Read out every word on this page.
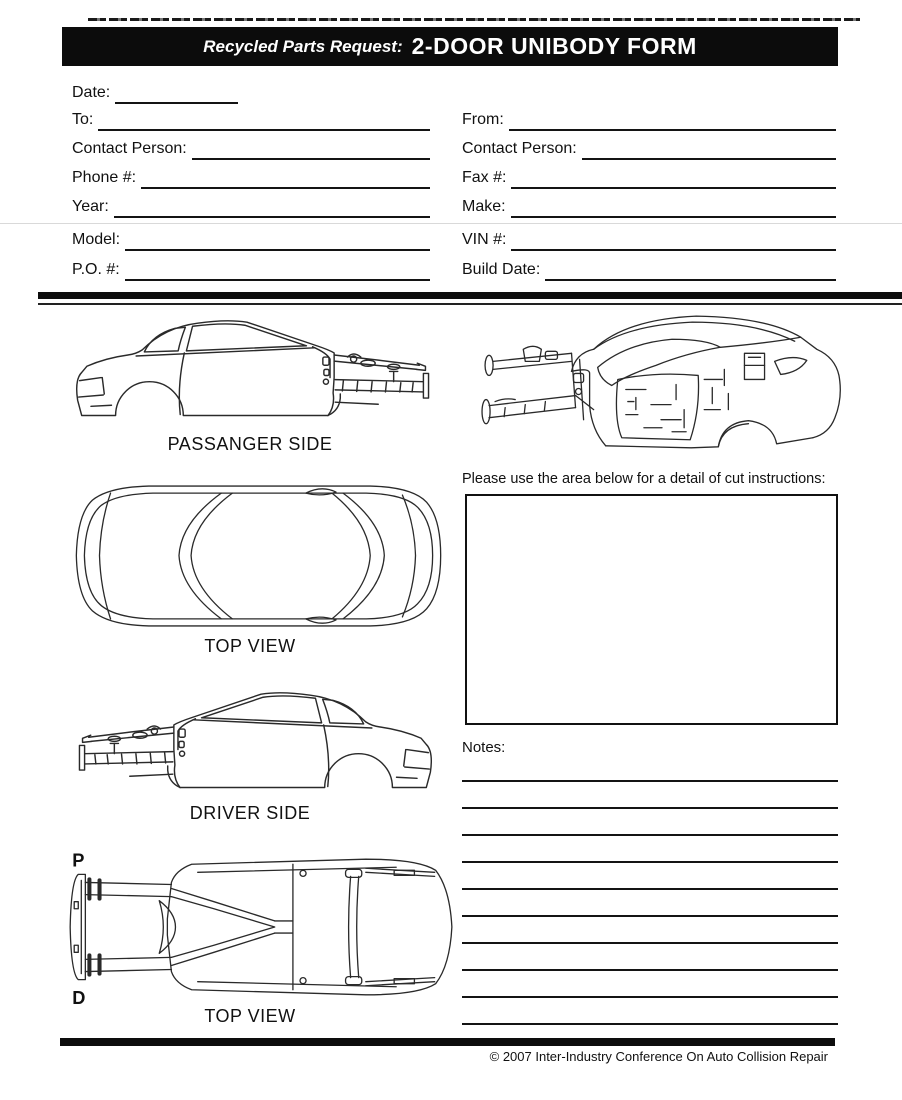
Recycled Parts Request: 2-DOOR UNIBODY FORM
Date:
To:	From:
Contact Person:	Contact Person:
Phone #:	Fax #:
Year:	Make:
Model:	VIN #:
P.O. #:	Build Date:
PASSANGER SIDE
TOP VIEW
DRIVER SIDE
P
D
TOP VIEW
Please use the area below for a detail of cut instructions:
Notes:
© 2007 Inter-Industry Conference On Auto Collision Repair
